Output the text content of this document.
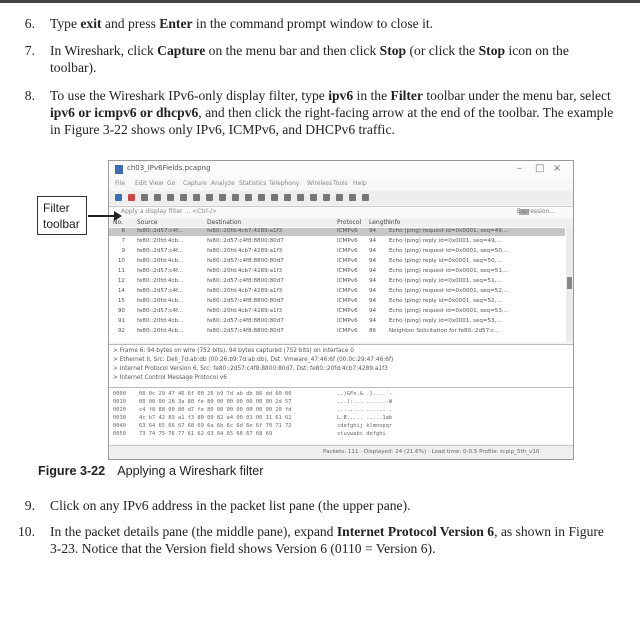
6. Type exit and press Enter in the command prompt window to close it.
7. In Wireshark, click Capture on the menu bar and then click Stop (or click the Stop icon on the toolbar).
8. To use the Wireshark IPv6-only display filter, type ipv6 in the Filter toolbar under the menu bar, select ipv6 or icmpv6 or dhcpv6, and then click the right-facing arrow at the end of the toolbar. The example in Figure 3-22 shows only IPv6, ICMPv6, and DHCPv6 traffic.
ch03_IPv6Fields.pcapng	– □ ×
File Edit View Go Capture Analyze Statistics Telephony Wireless Tools Help
Apply a display filter ... <Ctrl-/>	Expression...
No. Source	Destination	Protocol Length Info
6 fe80::2d57:c4f...	fe80::20fd:4cb7:4289:a1f3	ICMPv6 94 Echo (ping) request id=0x0001, seq=49,...
7 fe80::20fd:4cb...	fe80::2d57:c4f8:8800:80d7	ICMPv6 94 Echo (ping) reply id=0x0001, seq=49,...
9 fe80::2d57:c4f...	fe80::20fd:4cb7:4289:a1f3	ICMPv6 94 Echo (ping) request id=0x0001, seq=50,...
10 fe80::20fd:4cb...	fe80::2d57:c4f8:8800:80d7	ICMPv6 94 Echo (ping) reply id=0x0001, seq=50,...
11 fe80::2d57:c4f...	fe80::20fd:4cb7:4289:a1f3	ICMPv6 94 Echo (ping) request id=0x0001, seq=51,...
12 fe80::20fd:4cb...	fe80::2d57:c4f8:8800:80d7	ICMPv6 94 Echo (ping) reply id=0x0001, seq=51,...
14 fe80::2d57:c4f...	fe80::20fd:4cb7:4289:a1f3	ICMPv6 94 Echo (ping) request id=0x0001, seq=52,...
15 fe80::20fd:4cb...	fe80::2d57:c4f8:8800:80d7	ICMPv6 94 Echo (ping) reply id=0x0001, seq=52,...
90 fe80::2d57:c4f...	fe80::20fd:4cb7:4289:a1f3	ICMPv6 94 Echo (ping) request id=0x0001, seq=53,...
91 fe80::20fd:4cb...	fe80::2d57:c4f8:8800:80d7	ICMPv6 94 Echo (ping) reply id=0x0001, seq=53,...
92 fe80::20fd:4cb...	fe80::2d57:c4f8:8800:80d7	ICMPv6 86 Neighbor Solicitation for fe80::2d57:c...
> Frame 6: 94 bytes on wire (752 bits), 94 bytes captured (752 bits) on interface 0
> Ethernet II, Src: Dell_7d:ab:db (00:26:b9:7d:ab:db), Dst: Vmware_47:46:6f (00:0c:29:47:46:6f)
> Internet Protocol Version 6, Src: fe80::2d57:c4f8:8800:80d7, Dst: fe80::20fd:4cb7:4289:a1f3
> Internet Control Message Protocol v6
0000 00 0c 29 47 46 6f 00 26 b9 7d ab db 86 dd 60 00	..)GFo.& .}....`.
0010 00 00 00 28 3a 80 fe 80 00 00 00 00 00 00 2d 57	...(:... ......-W
0020 c4 f8 88 00 80 d7 fe 80 00 00 00 00 00 00 20 fd	........ ...... .
0030 4c b7 42 89 a1 f3 80 00 82 e4 00 01 00 31 61 62	L.B..... .....1ab
0040 63 64 65 66 67 68 69 6a 6b 6c 6d 6e 6f 70 71 72	cdefghij klmnopqr
0050 73 74 75 76 77 61 62 63 64 65 66 67 68 69	stuvwabc defghi
Packets: 111 · Displayed: 24 (21.6%) · Load time: 0:0.5 Profile: tcpip_5th_v10
Filter
toolbar
Figure 3-22 Applying a Wireshark filter
9. Click on any IPv6 address in the packet list pane (the upper pane).
10. In the packet details pane (the middle pane), expand Internet Protocol Version 6, as shown in Figure 3-23. Notice that the Version field shows Version 6 (0110 = Version 6).
